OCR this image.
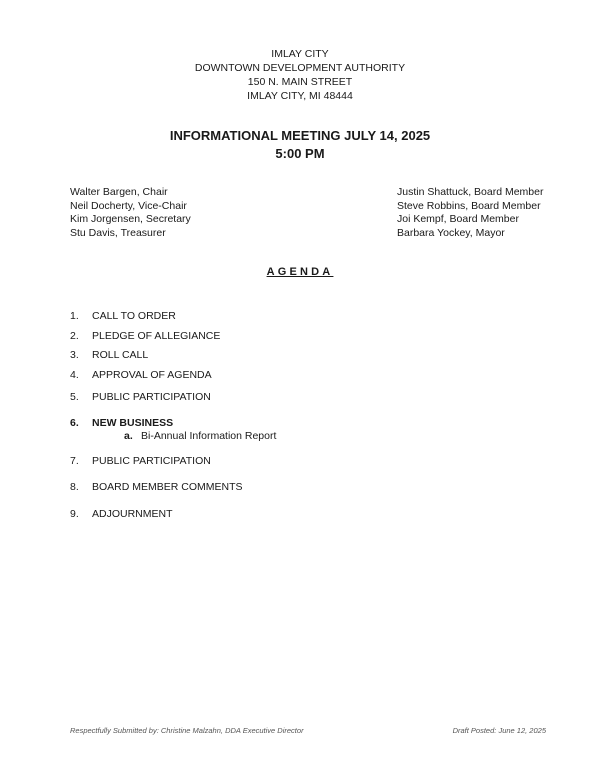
IMLAY CITY
DOWNTOWN DEVELOPMENT AUTHORITY
150 N. MAIN STREET
IMLAY CITY, MI 48444
INFORMATIONAL MEETING JULY 14, 2025
5:00 PM
Walter Bargen, Chair
Neil Docherty, Vice-Chair
Kim Jorgensen, Secretary
Stu Davis, Treasurer
Justin Shattuck, Board Member
Steve Robbins, Board Member
Joi Kempf, Board Member
Barbara Yockey, Mayor
AGENDA
1. CALL TO ORDER
2. PLEDGE OF ALLEGIANCE
3. ROLL CALL
4. APPROVAL OF AGENDA
5. PUBLIC PARTICIPATION
6. NEW BUSINESS
a. Bi-Annual Information Report
7. PUBLIC PARTICIPATION
8. BOARD MEMBER COMMENTS
9. ADJOURNMENT
Respectfully Submitted by: Christine Malzahn, DDA Executive Director	Draft Posted: June 12, 2025
